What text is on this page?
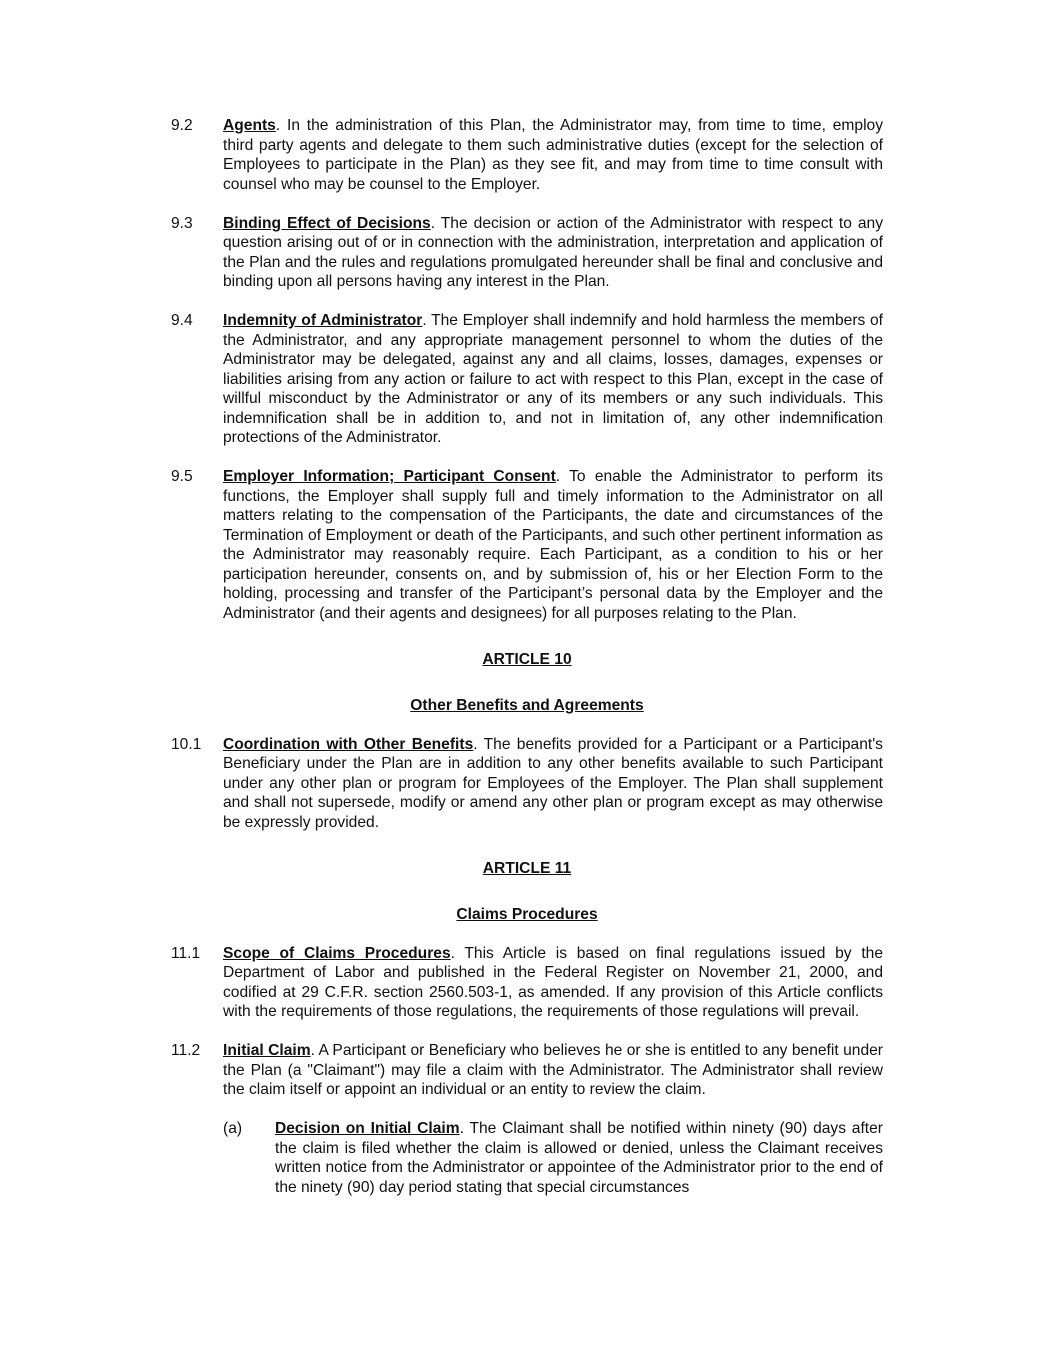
9.2	Agents. In the administration of this Plan, the Administrator may, from time to time, employ third party agents and delegate to them such administrative duties (except for the selection of Employees to participate in the Plan) as they see fit, and may from time to time consult with counsel who may be counsel to the Employer.
9.3	Binding Effect of Decisions. The decision or action of the Administrator with respect to any question arising out of or in connection with the administration, interpretation and application of the Plan and the rules and regulations promulgated hereunder shall be final and conclusive and binding upon all persons having any interest in the Plan.
9.4	Indemnity of Administrator. The Employer shall indemnify and hold harmless the members of the Administrator, and any appropriate management personnel to whom the duties of the Administrator may be delegated, against any and all claims, losses, damages, expenses or liabilities arising from any action or failure to act with respect to this Plan, except in the case of willful misconduct by the Administrator or any of its members or any such individuals. This indemnification shall be in addition to, and not in limitation of, any other indemnification protections of the Administrator.
9.5	Employer Information; Participant Consent. To enable the Administrator to perform its functions, the Employer shall supply full and timely information to the Administrator on all matters relating to the compensation of the Participants, the date and circumstances of the Termination of Employment or death of the Participants, and such other pertinent information as the Administrator may reasonably require. Each Participant, as a condition to his or her participation hereunder, consents on, and by submission of, his or her Election Form to the holding, processing and transfer of the Participant’s personal data by the Employer and the Administrator (and their agents and designees) for all purposes relating to the Plan.
ARTICLE 10
Other Benefits and Agreements
10.1	Coordination with Other Benefits. The benefits provided for a Participant or a Participant's Beneficiary under the Plan are in addition to any other benefits available to such Participant under any other plan or program for Employees of the Employer. The Plan shall supplement and shall not supersede, modify or amend any other plan or program except as may otherwise be expressly provided.
ARTICLE 11
Claims Procedures
11.1	Scope of Claims Procedures. This Article is based on final regulations issued by the Department of Labor and published in the Federal Register on November 21, 2000, and codified at 29 C.F.R. section 2560.503-1, as amended. If any provision of this Article conflicts with the requirements of those regulations, the requirements of those regulations will prevail.
11.2	Initial Claim. A Participant or Beneficiary who believes he or she is entitled to any benefit under the Plan (a "Claimant") may file a claim with the Administrator. The Administrator shall review the claim itself or appoint an individual or an entity to review the claim.
(a)	Decision on Initial Claim. The Claimant shall be notified within ninety (90) days after the claim is filed whether the claim is allowed or denied, unless the Claimant receives written notice from the Administrator or appointee of the Administrator prior to the end of the ninety (90) day period stating that special circumstances
